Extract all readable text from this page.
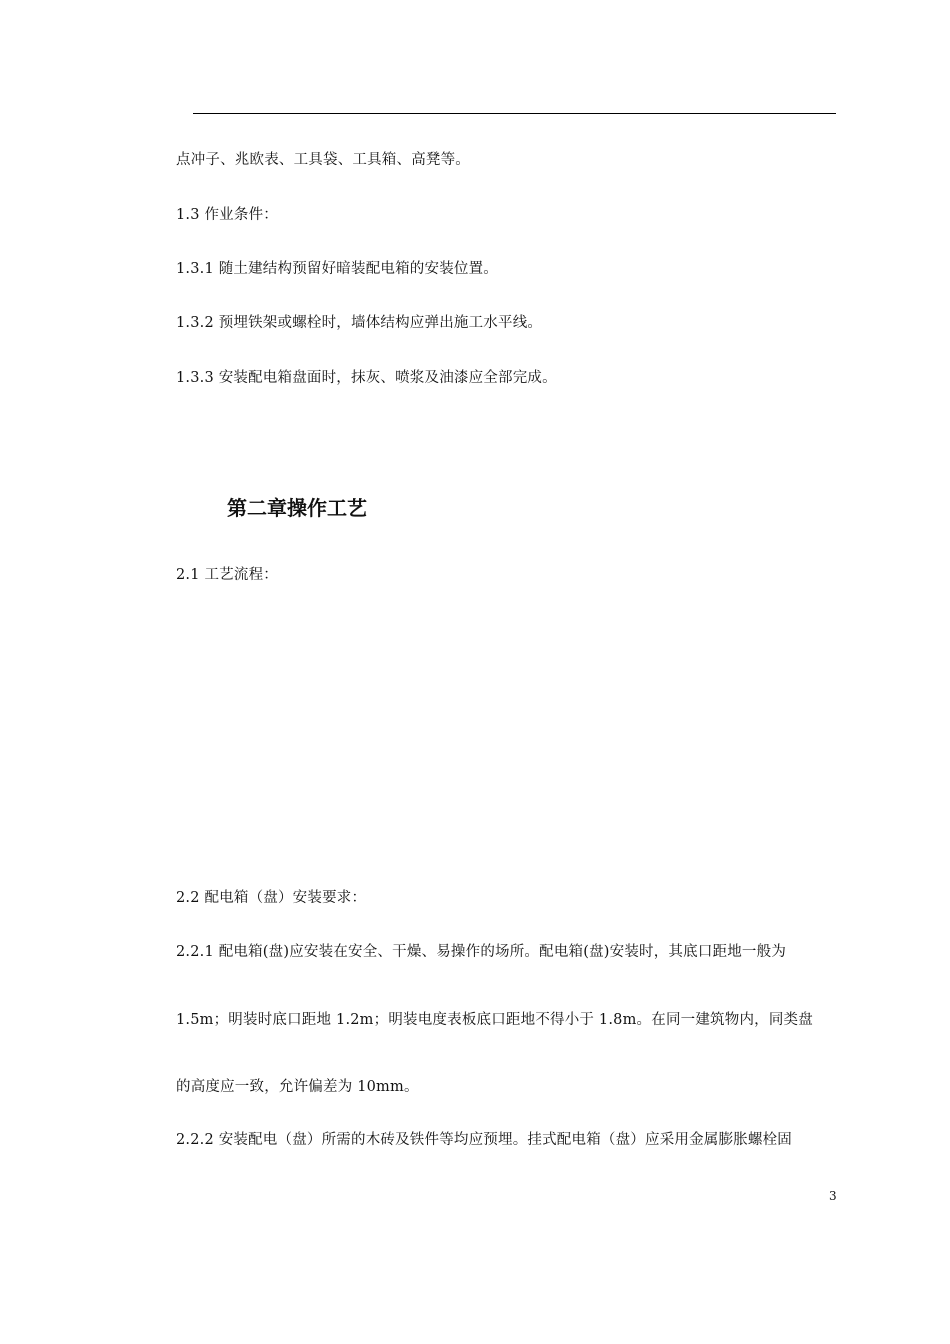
点冲子、兆欧表、工具袋、工具箱、高凳等。
1.3 作业条件：
1.3.1 随土建结构预留好暗装配电箱的安装位置。
1.3.2 预埋铁架或螺栓时，墙体结构应弹出施工水平线。
1.3.3 安装配电箱盘面时，抹灰、喷浆及油漆应全部完成。
第二章操作工艺
2.1 工艺流程：
2.2 配电箱（盘）安装要求：
2.2.1 配电箱(盘)应安装在安全、干燥、易操作的场所。配电箱(盘)安装时，其底口距地一般为
1.5m；明装时底口距地 1.2m；明装电度表板底口距地不得小于 1.8m。在同一建筑物内，同类盘
的高度应一致，允许偏差为 10mm。
2.2.2 安装配电（盘）所需的木砖及铁件等均应预埋。挂式配电箱（盘）应采用金属膨胀螺栓固
3
